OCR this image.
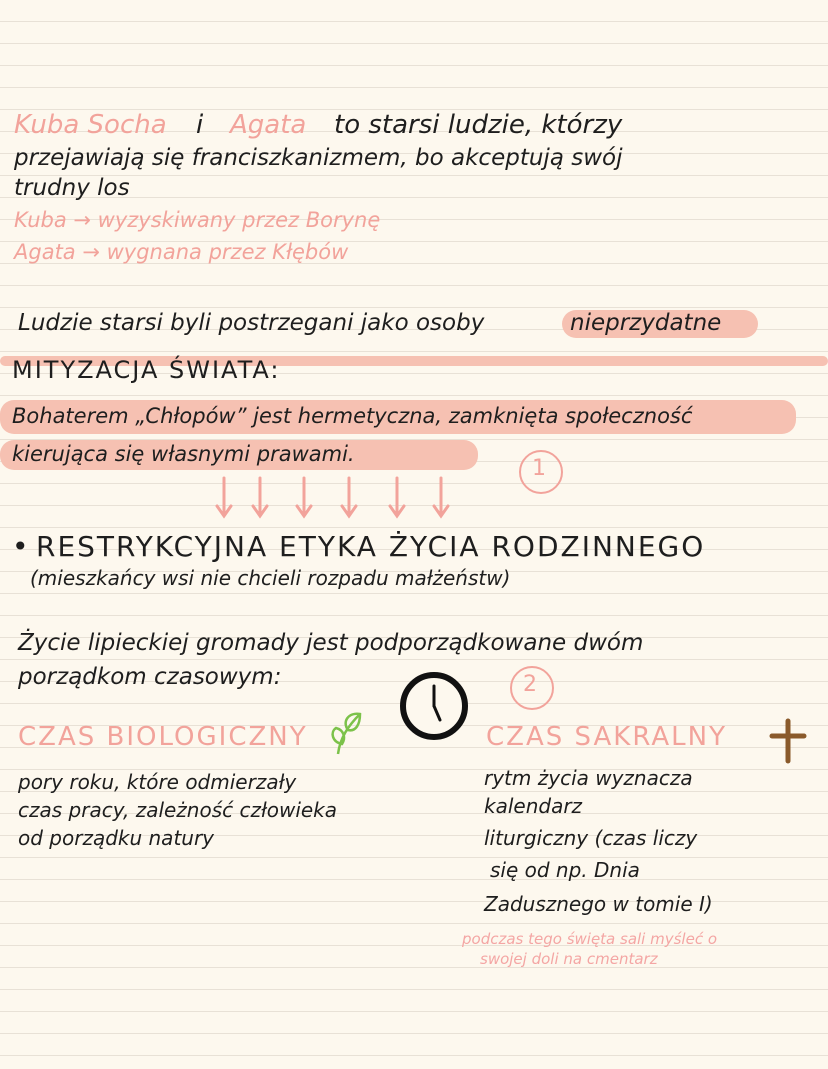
Kuba Socha i Agata to starsi ludzie, którzy
przejawiają się franciszkanizmem, bo akceptują swój
trudny los
Kuba → wyzyskiwany przez Borynę
Agata → wygnana przez Kłębów
Ludzie starsi byli postrzegani jako osoby	nieprzydatne
MITYZACJA ŚWIATA:
Bohaterem „Chłopów” jest hermetyczna, zamknięta społeczność
kierująca się własnymi prawami.
1
• RESTRYKCYJNA ETYKA ŻYCIA RODZINNEGO
(mieszkańcy wsi nie chcieli rozpadu małżeństw)
Życie lipieckiej gromady jest podporządkowane dwóm
porządkom czasowym:	2
CZAS BIOLOGICZNY
pory roku, które odmierzały
czas pracy, zależność człowieka
od porządku natury
CZAS SAKRALNY
rytm życia wyznacza
kalendarz
liturgiczny (czas liczy
się od np. Dnia
Zadusznego w tomie I)
podczas tego święta sali myśleć o
swojej doli na cmentarz
